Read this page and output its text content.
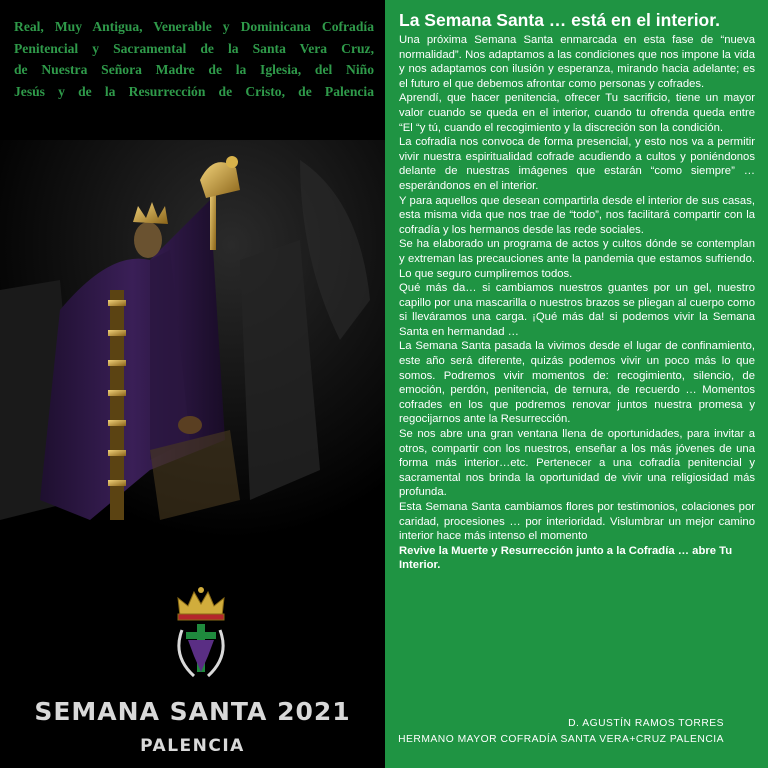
Real, Muy Antigua, Venerable y Dominicana Cofradía
Penitencial y Sacramental de la Santa Vera Cruz,
de Nuestra Señora Madre de la Iglesia, del Niño
Jesús y de la Resurrección de Cristo, de Palencia
SEMANA SANTA 2021
PALENCIA
La Semana Santa … está en el interior.

Una próxima Semana Santa enmarcada en esta fase de “nueva normalidad”. Nos adaptamos a las condiciones que nos impone la vida y nos adaptamos con ilusión y esperanza, mirando hacia adelante; es el futuro el que debemos afrontar como personas y cofrades.

Aprendí, que hacer penitencia, ofrecer Tu sacrificio, tiene un mayor valor cuando se queda en el interior, cuando tu ofrenda queda entre “El “y tú, cuando el recogimiento y la discreción son la condición.

La cofradía nos convoca de forma presencial, y esto nos va a permitir vivir nuestra espiritualidad cofrade acudiendo a cultos y poniéndonos delante de nuestras imágenes que estarán “como siempre” …esperándonos en el interior.

Y para aquellos que desean compartirla desde el interior de sus casas, esta misma vida que nos trae de “todo”, nos facilitará compartir con la cofradía y los hermanos desde las rede sociales.

Se ha elaborado un programa de actos y cultos dónde se contemplan y extreman las precauciones ante la pandemia que estamos sufriendo. Lo que seguro cumpliremos todos.

Qué más da… si cambiamos nuestros guantes por un gel, nuestro capillo por una mascarilla o nuestros brazos se pliegan al cuerpo como si lleváramos una carga. ¡Qué más da! si podemos vivir la Semana Santa en hermandad …

La Semana Santa pasada la vivimos desde el lugar de confinamiento, este año será diferente, quizás podemos vivir un poco más lo que somos. Podremos vivir momentos de: recogimiento, silencio, de emoción, perdón, penitencia, de ternura, de recuerdo … Momentos cofrades en los que podremos renovar juntos nuestra promesa y regocijarnos ante la Resurrección.

Se nos abre una gran ventana llena de oportunidades, para invitar a otros, compartir con los nuestros, enseñar a los más jóvenes de una forma más interior…etc. Pertenecer a una cofradía penitencial y sacramental nos brinda la oportunidad de vivir una religiosidad más profunda.

Esta Semana Santa cambiamos flores por testimonios, colaciones por caridad, procesiones … por interioridad. Vislumbrar un mejor camino interior hace más intenso el momento

Revive la Muerte y Resurrección junto a la Cofradía … abre Tu Interior.

D. AGUSTÍN RAMOS TORRES
HERMANO MAYOR COFRADÍA SANTA VERA+CRUZ PALENCIA
